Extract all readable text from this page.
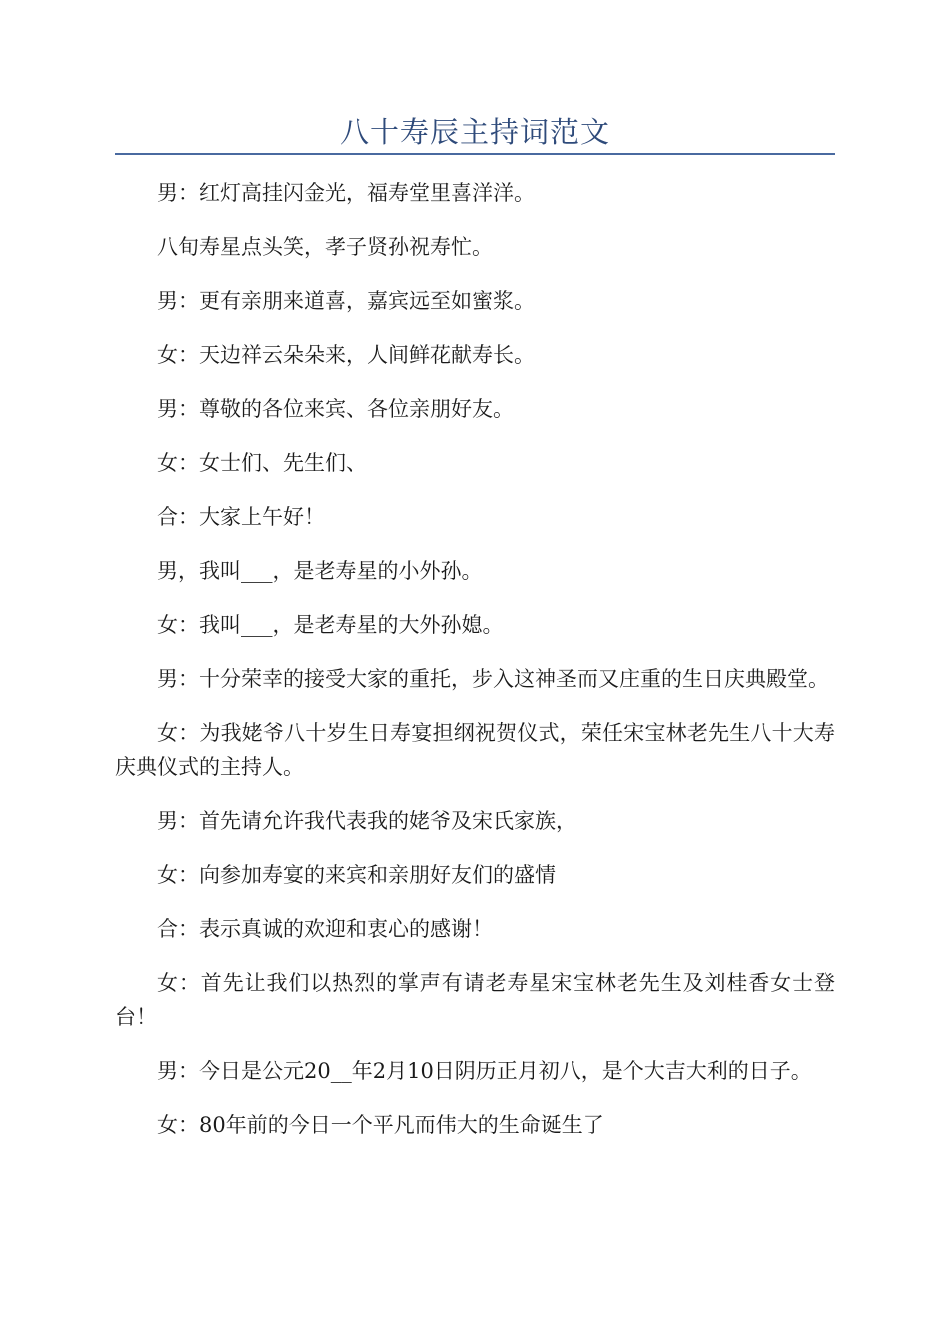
八十寿辰主持词范文

男：红灯高挂闪金光，福寿堂里喜洋洋。

八旬寿星点头笑，孝子贤孙祝寿忙。

男：更有亲朋来道喜，嘉宾远至如蜜浆。

女：天边祥云朵朵来，人间鲜花献寿长。

男：尊敬的各位来宾、各位亲朋好友。

女：女士们、先生们、

合：大家上午好！

男，我叫___，是老寿星的小外孙。

女：我叫___，是老寿星的大外孙媳。

男：十分荣幸的接受大家的重托，步入这神圣而又庄重的生日庆典殿堂。

女：为我姥爷八十岁生日寿宴担纲祝贺仪式，荣任宋宝林老先生八十大寿庆典仪式的主持人。

男：首先请允许我代表我的姥爷及宋氏家族，

女：向参加寿宴的来宾和亲朋好友们的盛情

合：表示真诚的欢迎和衷心的感谢！

女：首先让我们以热烈的掌声有请老寿星宋宝林老先生及刘桂香女士登台！

男：今日是公元20__年2月10日阴历正月初八，是个大吉大利的日子。

女：80年前的今日一个平凡而伟大的生命诞生了
